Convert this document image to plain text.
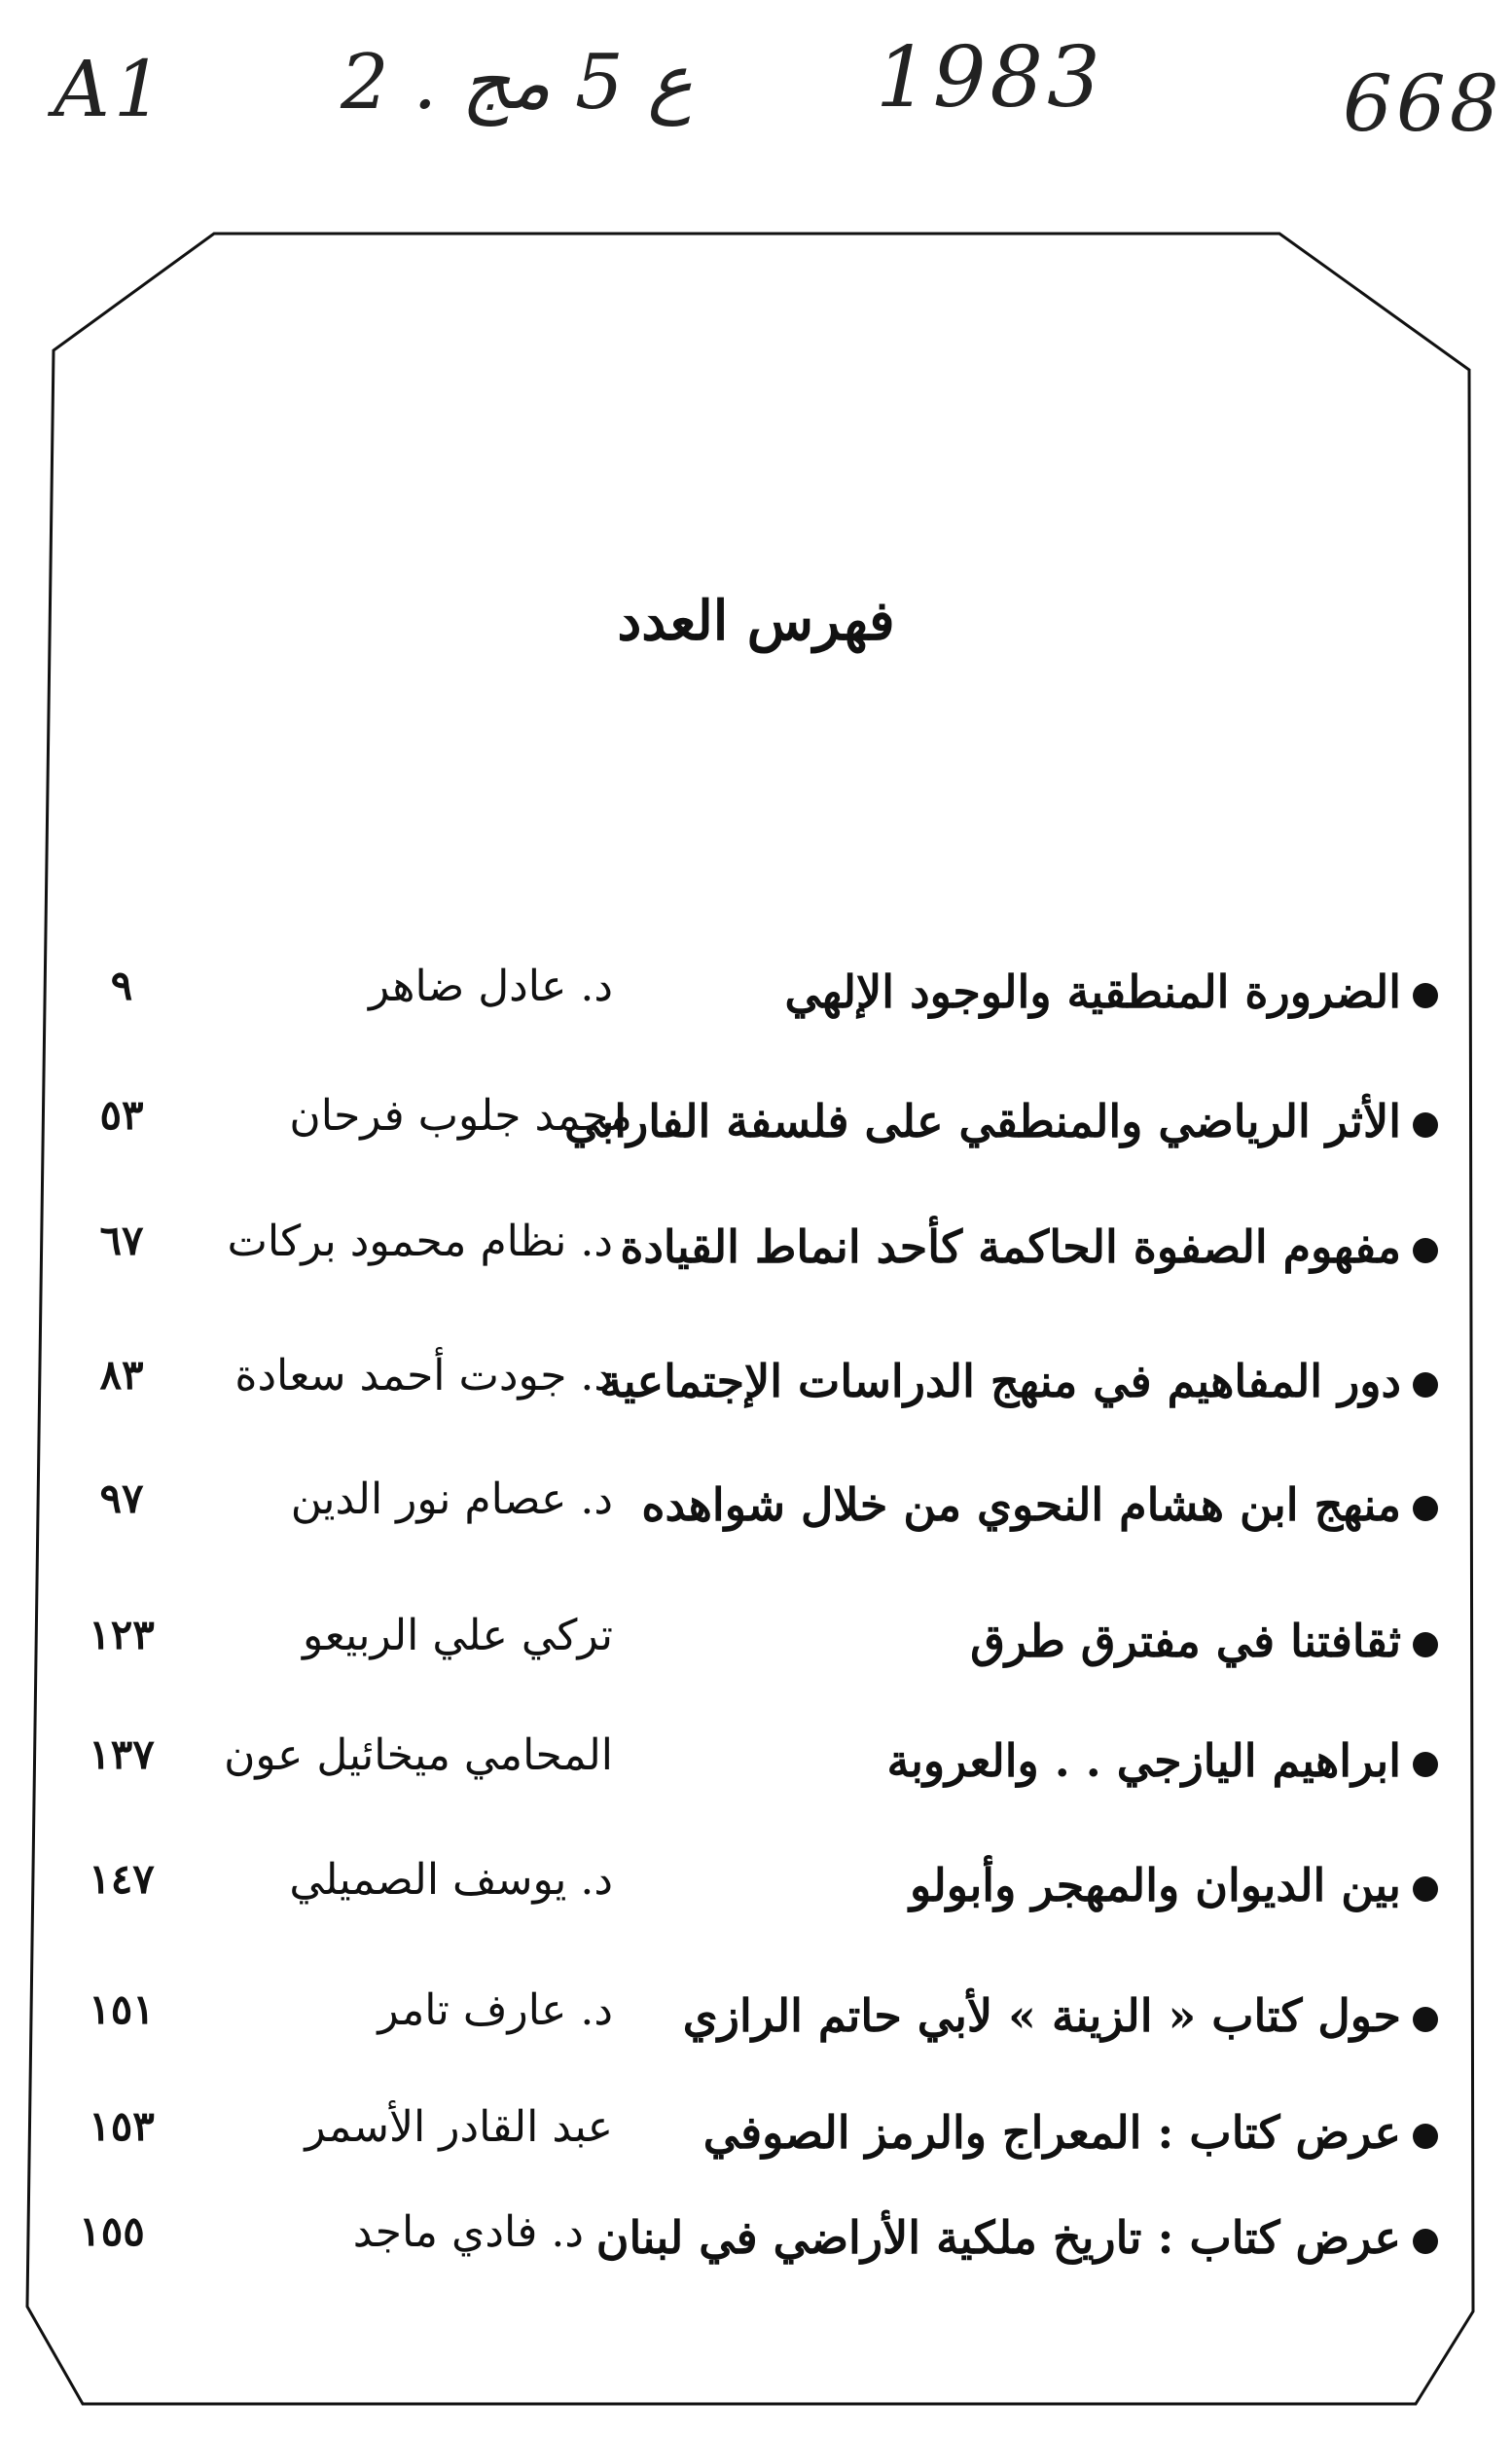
A1 2 . ع 5 مج 1983	668
فهرس العدد
الضرورة المنطقية والوجود الإلهي
د. عادل ضاهر
٩
الأثر الرياضي والمنطقي على فلسفة الفارابي
محمد جلوب فرحان
٥٣
مفهوم الصفوة الحاكمة كأحد انماط القيادة
د. نظام محمود بركات
٦٧
دور المفاهيم في منهج الدراسات الإجتماعية
د. جودت أحمد سعادة
٨٣
منهج ابن هشام النحوي من خلال شواهده
د. عصام نور الدين
٩٧
ثقافتنا في مفترق طرق
تركي علي الربيعو
١٢٣
ابراهيم اليازجي . . والعروبة
المحامي ميخائيل عون
١٣٧
بين الديوان والمهجر وأبولو
د. يوسف الصميلي
١٤٧
حول كتاب « الزينة » لأبي حاتم الرازي
د. عارف تامر
١٥١
عرض كتاب : المعراج والرمز الصوفي
عبد القادر الأسمر
١٥٣
عرض كتاب : تاريخ ملكية الأراضي في لبنان
د. فادي ماجد
١٥٥
